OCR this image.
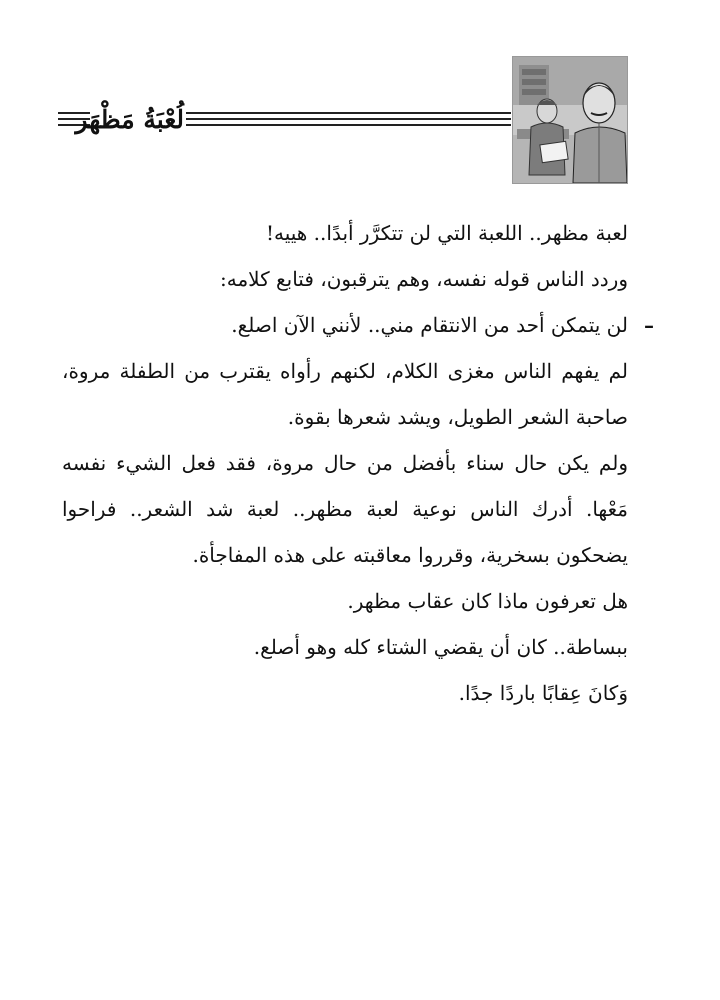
لُعْبَةُ مَظْهَر

لعبة مظهر.. اللعبة التي لن تتكرَّر أبدًا.. هييه!

وردد الناس قوله نفسه، وهم يترقبون، فتابع كلامه:

–
لن يتمكن أحد من الانتقام مني.. لأنني الآن اصلع.

لم يفهم الناس مغزى الكلام، لكنهم رأواه يقترب من الطفلة مروة، صاحبة الشعر الطويل، ويشد شعرها بقوة.

ولم يكن حال سناء بأفضل من حال مروة، فقد فعل الشيء نفسه مَعْها. أدرك الناس نوعية لعبة مظهر.. لعبة شد الشعر.. فراحوا يضحكون بسخرية، وقرروا معاقبته على هذه المفاجأة.

هل تعرفون ماذا كان عقاب مظهر.

ببساطة.. كان أن يقضي الشتاء كله وهو أصلع.

وَكانَ عِقابًا باردًا جدًا.
